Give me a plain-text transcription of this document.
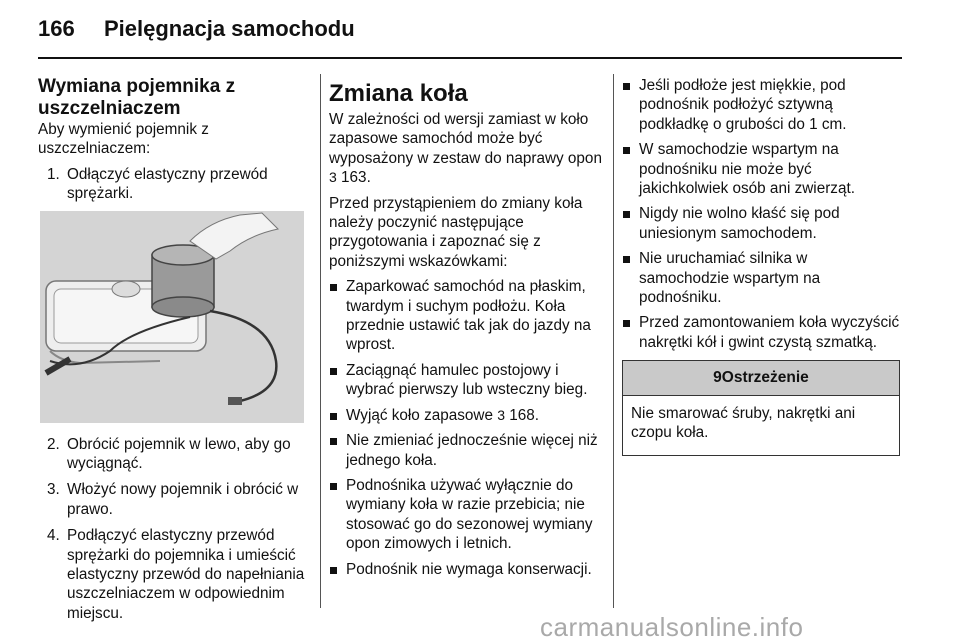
166 Pielęgnacja samochodu
Wymiana pojemnika z uszczelniaczem

Aby wymienić pojemnik z uszczelniaczem:

1. Odłączyć elastyczny przewód sprężarki.
2. Obrócić pojemnik w lewo, aby go wyciągnąć.
3. Włożyć nowy pojemnik i obrócić w prawo.
4. Podłączyć elastyczny przewód sprężarki do pojemnika i umieścić elastyczny przewód do napełniania uszczelniaczem w odpowiednim miejscu.
Zmiana koła

W zależności od wersji zamiast w koło zapasowe samochód może być wyposażony w zestaw do naprawy opon 3 163.

Przed przystąpieniem do zmiany koła należy poczynić następujące przygotowania i zapoznać się z poniższymi wskazówkami:

Zaparkować samochód na płaskim, twardym i suchym podłożu. Koła przednie ustawić tak jak do jazdy na wprost.
Zaciągnąć hamulec postojowy i wybrać pierwszy lub wsteczny bieg.
Wyjąć koło zapasowe 3 168.
Nie zmieniać jednocześnie więcej niż jednego koła.
Podnośnika używać wyłącznie do wymiany koła w razie przebicia; nie stosować go do sezonowej wymiany opon zimowych i letnich.
Podnośnik nie wymaga konserwacji.
Jeśli podłoże jest miękkie, pod podnośnik podłożyć sztywną podkładkę o grubości do 1 cm.
W samochodzie wspartym na podnośniku nie może być jakichkolwiek osób ani zwierząt.
Nigdy nie wolno kłaść się pod uniesionym samochodem.
Nie uruchamiać silnika w samochodzie wspartym na podnośniku.
Przed zamontowaniem koła wyczyścić nakrętki kół i gwint czystą szmatką.
9Ostrzeżenie
Nie smarować śruby, nakrętki ani czopu koła.
carmanualsonline.info
